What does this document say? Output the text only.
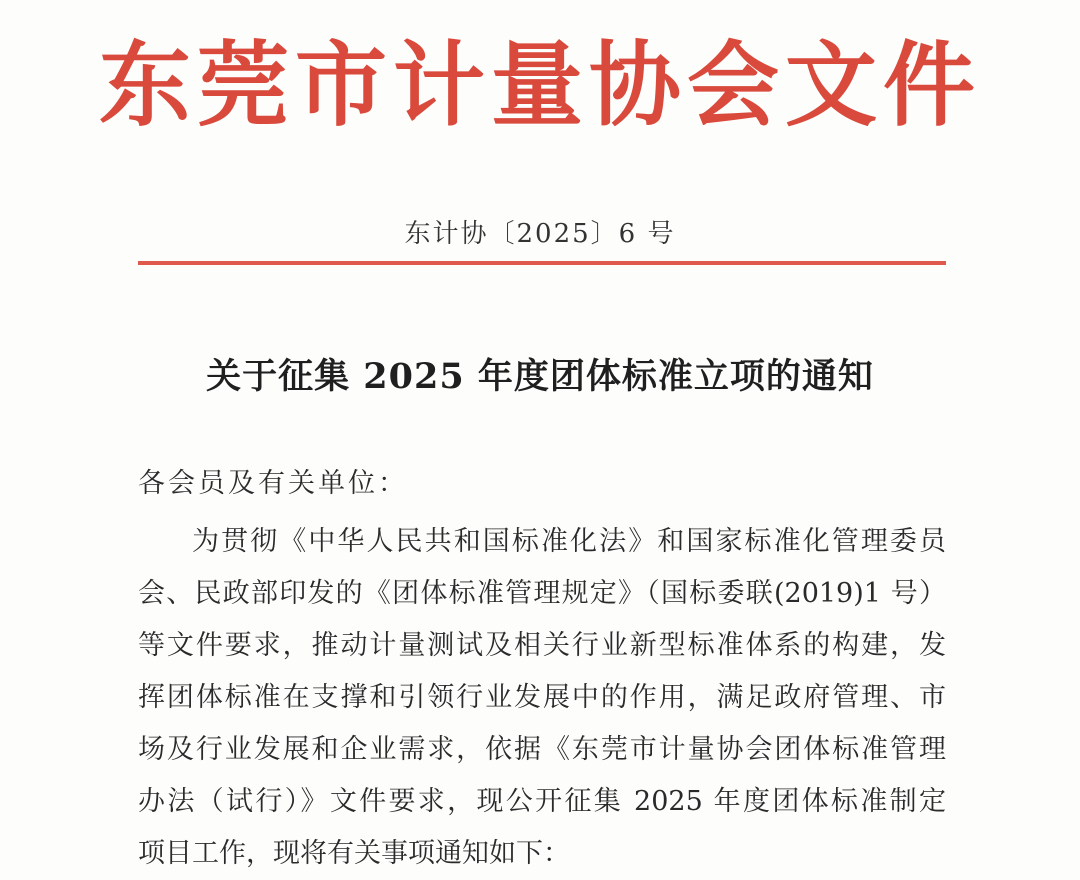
东莞市计量协会文件
东计协〔2025〕6 号
关于征集 2025 年度团体标准立项的通知
各会员及有关单位：
为贯彻《中华人民共和国标准化法》和国家标准化管理委员
会、民政部印发的《团体标准管理规定》（国标委联(2019)1 号）
等文件要求，推动计量测试及相关行业新型标准体系的构建，发
挥团体标准在支撑和引领行业发展中的作用，满足政府管理、市
场及行业发展和企业需求，依据《东莞市计量协会团体标准管理
办法（试行）》文件要求，现公开征集 2025 年度团体标准制定
项目工作，现将有关事项通知如下：
